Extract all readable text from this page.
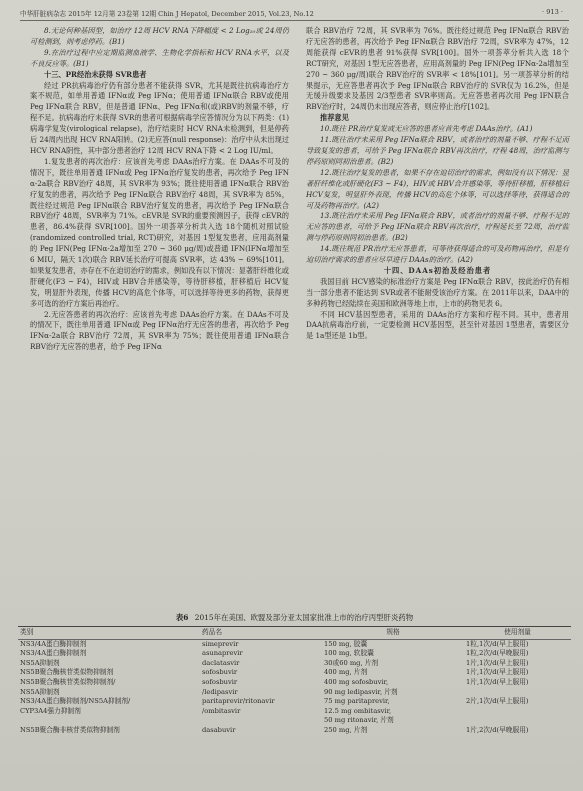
中华肝脏病杂志 2015年 12月第 23卷第 12期 Chin J Hepatol, December 2015, Vol.23, No.12	· 913 ·

8.无论何种基因型，如治疗 12周 HCV RNA下降幅度 < 2 Log₁₀或 24周仍可检测到，则考虑停药。(B1)

9.在治疗过程中应定期监测血液学、生物化学指标和 HCV RNA水平，以及不良反应等。(B1)

十三、PR经治未获得 SVR患者

经过 PR抗病毒治疗仍有部分患者不能获得 SVR，尤其是既往抗病毒治疗方案不规范，如单用普通 IFNα或 Peg IFNα；使用普通 IFNα联合 RBV或使用 Peg IFNα联合 RBV，但是普通 IFNα、Peg IFNα和(或)RBV的剂量不够，疗程不足。抗病毒治疗未获得 SVR的患者可根据病毒学应答情况分为以下两类：(1)病毒学复发(virological relapse)，治疗结束时 HCV RNA未检测到，但是停药后 24周内出现 HCV RNA阳转。(2)无应答(null response)：治疗中从未出现过 HCV RNA阴性，其中部分患者治疗 12周 HCV RNA下降 < 2 Log IU/ml。

1.复发患者的再次治疗：应该首先考虑 DAAs治疗方案。在 DAAs不可及的情况下，既往单用普通 IFNα或 Peg IFNα治疗复发的患者，再次给予 Peg IFN α-2a联合 RBV治疗 48周，其 SVR率为 93%；既往使用普通 IFNα联合 RBV治疗复发的患者，再次给予 Peg IFNα联合 RBV治疗 48周，其 SVR率为 85%，既往经过规范 Peg IFNα联合 RBV治疗复发的患者，再次给予 Peg IFNα联合 RBV治疗 48周，SVR率为 71%。cEVR是 SVR的重要预测因子，获得 cEVR的患者，86.4%获得 SVR[100]。国外一项荟萃分析共入选 18个随机对照试验(randomized controlled trial, RCT)研究，对基因 1型复发患者，应用高剂量的 Peg IFN(Peg IFNα-2a增加至 270 ~ 360 μg/周)或普通 IFN(IFNα增加至 6 MIU，隔天 1次)联合 RBV延长治疗可提高 SVR率，达 43% ~ 69%[101]。如果复发患者，亦存在不在迫切治疗的需求，例如没有以下情况：显著肝纤维化或肝硬化(F3 ~ F4)，HIV或 HBV合并感染等，等待肝移植，肝移植后 HCV复发，明显肝外表现，传播 HCV的高危个体等，可以选择等待更多的药物，获得更多可选的治疗方案后再治疗。

2.无应答患者的再次治疗：应该首先考虑 DAAs治疗方案。在 DAAs不可及的情况下，既往单用普通 IFNα或 Peg IFNα治疗无应答的患者，再次给予 Peg IFNα-2a联合 RBV治疗 72周，其 SVR率为 75%；既往使用普通 IFNα联合 RBV治疗无应答的患者，给予 Peg IFNα

联合 RBV治疗 72周，其 SVR率为 76%。既往经过规范 Peg IFNα联合 RBV治疗无应答的患者，再次给予 Peg IFNα联合 RBV治疗 72周，SVR率为 47%，12周能获得 cEVR的患者 91%获得 SVR[100]。国外一项荟萃分析共入选 18个 RCT研究，对基因 1型无应答患者，应用高剂量的 Peg IFN(Peg IFNα-2a增加至 270 ~ 360 μg/周)联合 RBV治疗的 SVR率 < 18%[101]。另一项荟萃分析的结果提示，无应答患者再次予 Peg IFNα联合 RBV治疗的 SVR仅为 16.2%，但是无缓升级要求及基因 2/3型患者 SVR率则高。无应答患者再次用 Peg IFN联合 RBV治疗时，24周仍未出现应答者，则应停止治疗[102]。

推荐意见

10.既往 PR治疗复发或无应答的患者应首先考虑 DAAs治疗。(A1)

11.既往治疗未采用 Peg IFNα联合 RBV，或者治疗的剂量不够、疗程不足而导致复发的患者，可给予 Peg IFNα联合 RBV再次治疗，疗程 48周，治疗监测与停药原则同初治患者。(B2)

12.既往治疗复发的患者，如果不存在迫切治疗的需求，例如没有以下情况：显著肝纤维化或肝硬化(F3 ~ F4)，HIV或 HBV合并感染等，等待肝移植，肝移植后 HCV复发，明显肝外表现，传播 HCV的高危个体等，可以选择等待，获得适合的可及药物再治疗。(A2)

13.既往治疗未采用 Peg IFNα联合 RBV，或者治疗的剂量不够、疗程不足的无应答的患者，可给予 Peg IFNα联合 RBV再次治疗，疗程延长至 72周，治疗监测与停药原则同初治患者。(B2)

14.既往规范 PR治疗无应答患者，可等待获得适合的可及药物再治疗，但是有迫切治疗需求的患者应尽早进行 DAAs的治疗。(A2)

十四、DAAs初治及经治患者

我国目前 HCV感染的标准治疗方案是 Peg IFNα联合 RBV，按此治疗仍有相当一部分患者不能达到 SVR或者不能耐受该治疗方案。在 2011年以来，DAA中的多种药物已经陆续在美国和欧洲等地上市，上市的药物见表 6。

不同 HCV基因型患者，采用的 DAAs治疗方案和疗程不同。其中，患者用 DAA抗病毒治疗前，一定要检测 HCV基因型，甚至针对基因 1型患者，需要区分是 1a型还是 1b型。

表6 2015年在美国、欧盟及部分亚太国家批准上市的治疗丙型肝炎药物
类别	药品名	规格	使用剂量

NS3/4A蛋白酶抑制剂	simeprevir	150 mg, 胶囊	1粒,1次/d(早上服用)

NS3/4A蛋白酶抑制剂	asunaprevir	100 mg, 软胶囊	1粒,2次/d(早晚服用)

NS5A抑制剂	daclatasvir	30或60 mg, 片剂	1片,1次/d(早上服用)

NS5B聚合酶核苷类似物抑制剂	sofosbuvir	400 mg, 片剂	1片,1次/d(早上服用)

NS5B聚合酶核苷类似物抑制剂/
NS5A抑制剂	sofosbuvir
/ledipasvir	400 mg sofosbuvir,
90 mg ledipasvir, 片剂	1片,1次/d(早上服用)

NS3/4A蛋白酶抑制剂/NS5A抑制剂/
CYP3A4强力抑制剂	paritaprevir/ritonavir
/ombitasvir	75 mg paritaprevir,
12.5 mg ombitasvir,
50 mg ritonavir, 片剂	2片,1次/d(早上服用)

NS5B聚合酶非核苷类似物抑制剂	dasabuvir	250 mg, 片剂	1片,2次/d(早晚服用)
